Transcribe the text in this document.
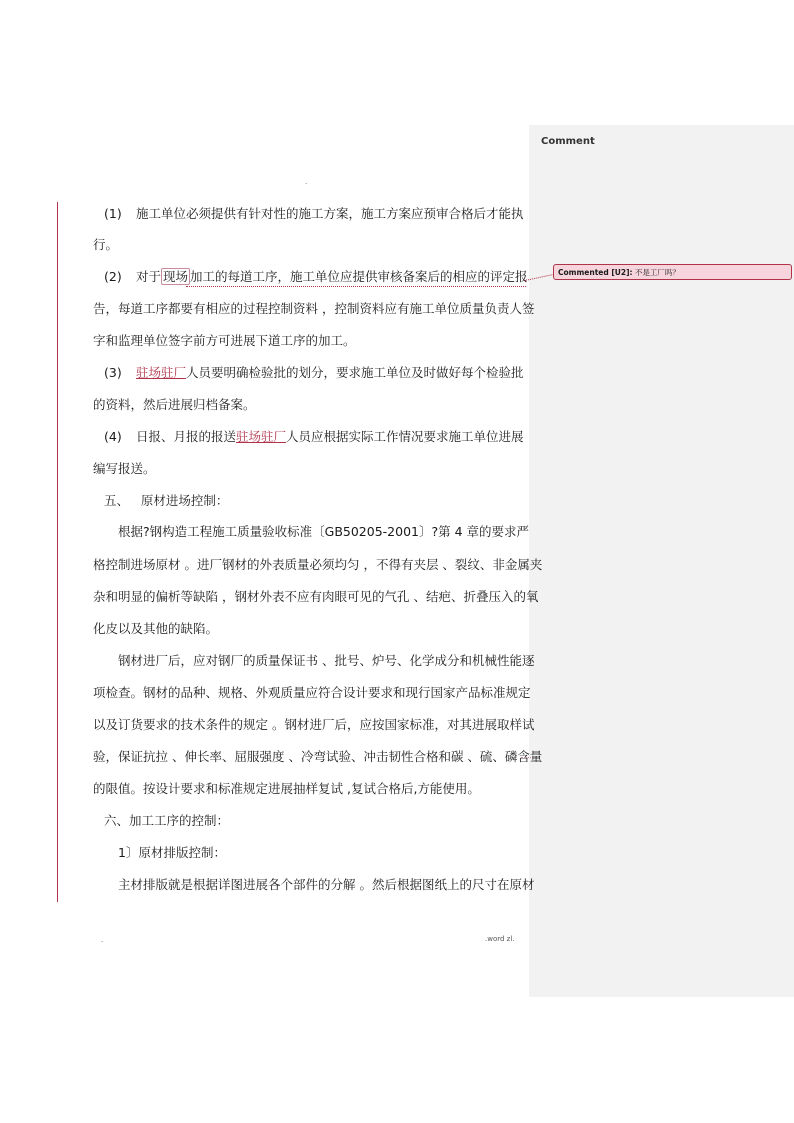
Comment
.
(1) 施工单位必须提供有针对性的施工方案，施工方案应预审合格后才能执
行。
(2) 对于 现场 加工的每道工序，施工单位应提供审核备案后的相应的评定报
告，每道工序都要有相应的过程控制资料 ，控制资料应有施工单位质量负责人签
字和监理单位签字前方可进展下道工序的加工。
(3) 驻场驻厂人员要明确检验批的划分，要求施工单位及时做好每个检验批
的资料，然后进展归档备案。
(4) 日报、月报的报送驻场驻厂人员应根据实际工作情况要求施工单位进展
编写报送。
五、   原材进场控制：
根据?钢构造工程施工质量验收标准〔GB50205-2001〕?第 4 章的要求严
格控制进场原材 。进厂钢材的外表质量必须均匀 ，不得有夹层 、裂纹、非金属夹
杂和明显的偏析等缺陷 ，钢材外表不应有肉眼可见的气孔 、结疤、折叠压入的氧
化皮以及其他的缺陷。
钢材进厂后，应对钢厂的质量保证书 、批号、炉号、化学成分和机械性能逐
项检查。钢材的品种、规格、外观质量应符合设计要求和现行国家产品标准规定
以及订货要求的技术条件的规定 。钢材进厂后，应按国家标准，对其进展取样试
验，保证抗拉 、伸长率、屈服强度 、冷弯试验、冲击韧性合格和碳 、硫、磷含量
的限值。按设计要求和标准规定进展抽样复试 ,复试合格后,方能使用。
六、加工工序的控制：
1〕原材排版控制：
主材排版就是根据详图进展各个部件的分解 。然后根据图纸上的尺寸在原材
.	.word zl.
Commented [U2]: 不是工厂吗？
